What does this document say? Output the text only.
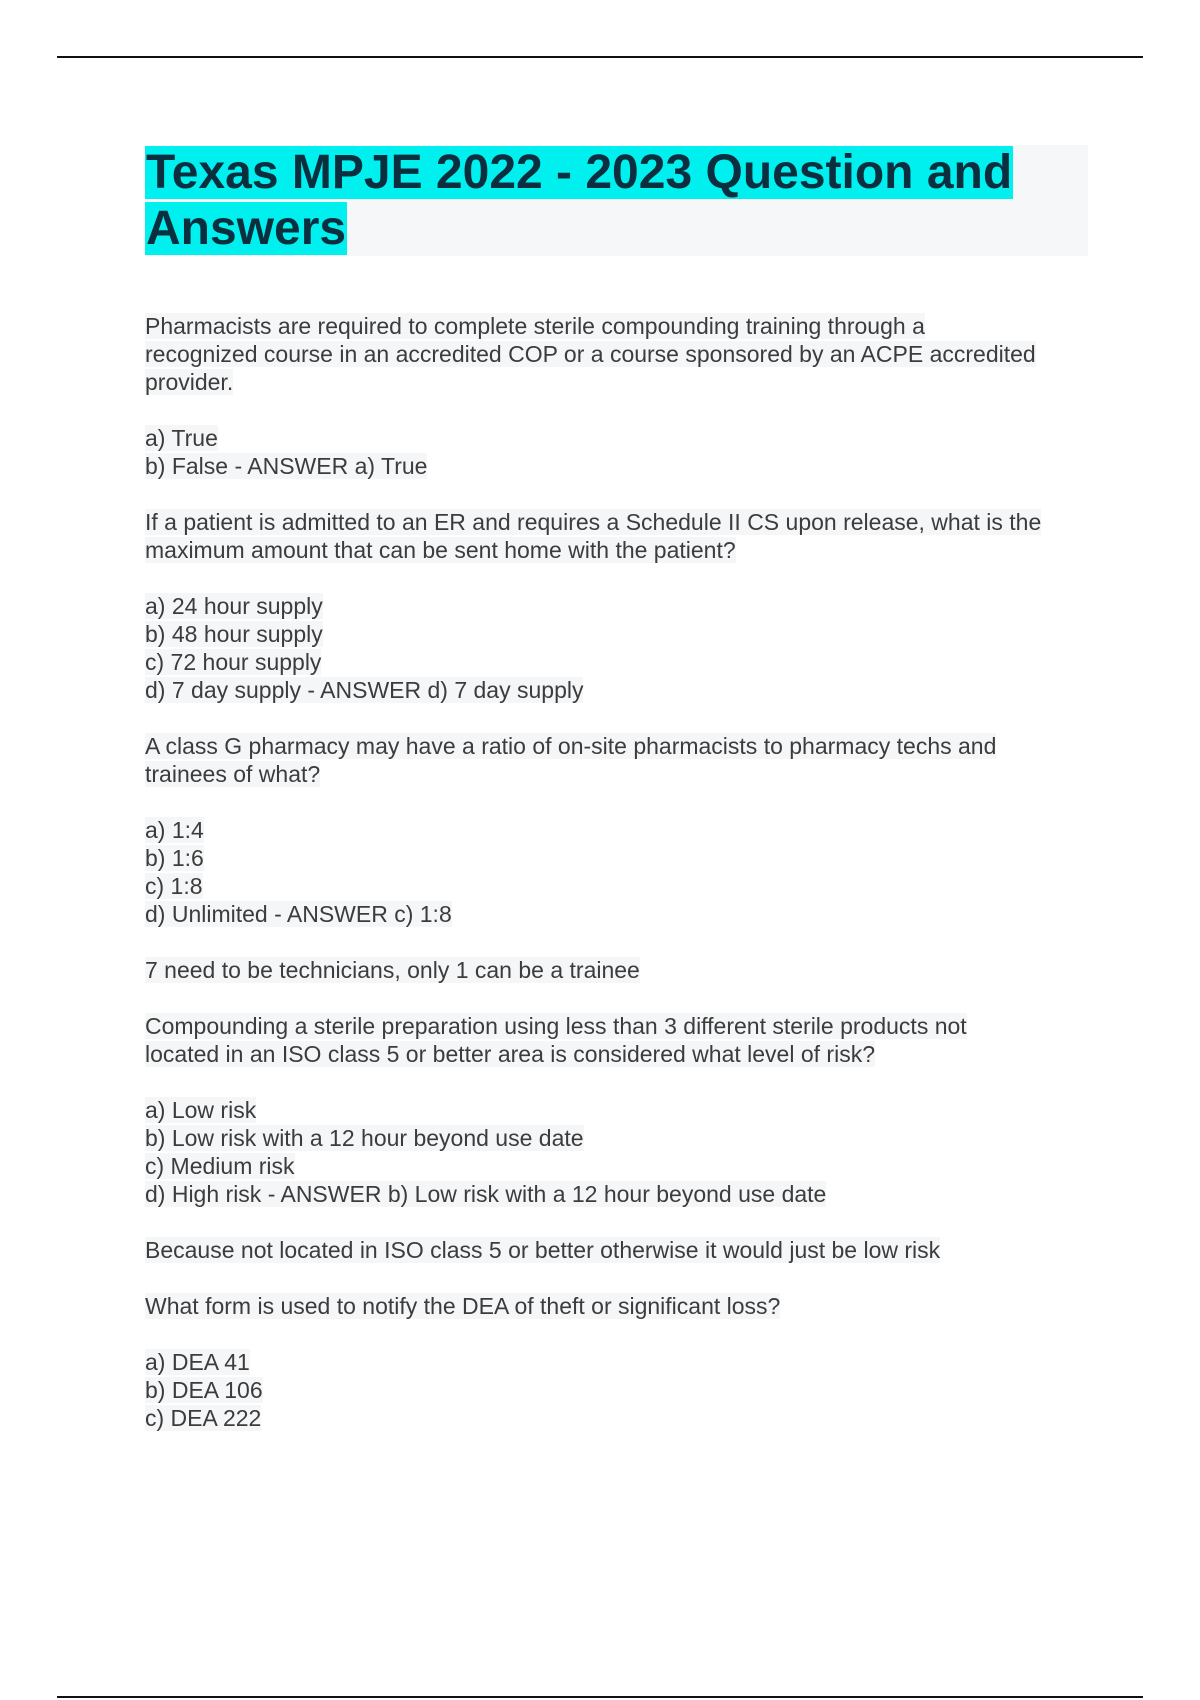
Texas MPJE 2022 - 2023 Question and
Answers
Pharmacists are required to complete sterile compounding training through a
recognized course in an accredited COP or a course sponsored by an ACPE accredited
provider.
a) True
b) False - ANSWER a) True
If a patient is admitted to an ER and requires a Schedule II CS upon release, what is the
maximum amount that can be sent home with the patient?
a) 24 hour supply
b) 48 hour supply
c) 72 hour supply
d) 7 day supply - ANSWER d) 7 day supply
A class G pharmacy may have a ratio of on-site pharmacists to pharmacy techs and
trainees of what?
a) 1:4
b) 1:6
c) 1:8
d) Unlimited - ANSWER c) 1:8
7 need to be technicians, only 1 can be a trainee
Compounding a sterile preparation using less than 3 different sterile products not
located in an ISO class 5 or better area is considered what level of risk?
a) Low risk
b) Low risk with a 12 hour beyond use date
c) Medium risk
d) High risk - ANSWER b) Low risk with a 12 hour beyond use date
Because not located in ISO class 5 or better otherwise it would just be low risk
What form is used to notify the DEA of theft or significant loss?
a) DEA 41
b) DEA 106
c) DEA 222
